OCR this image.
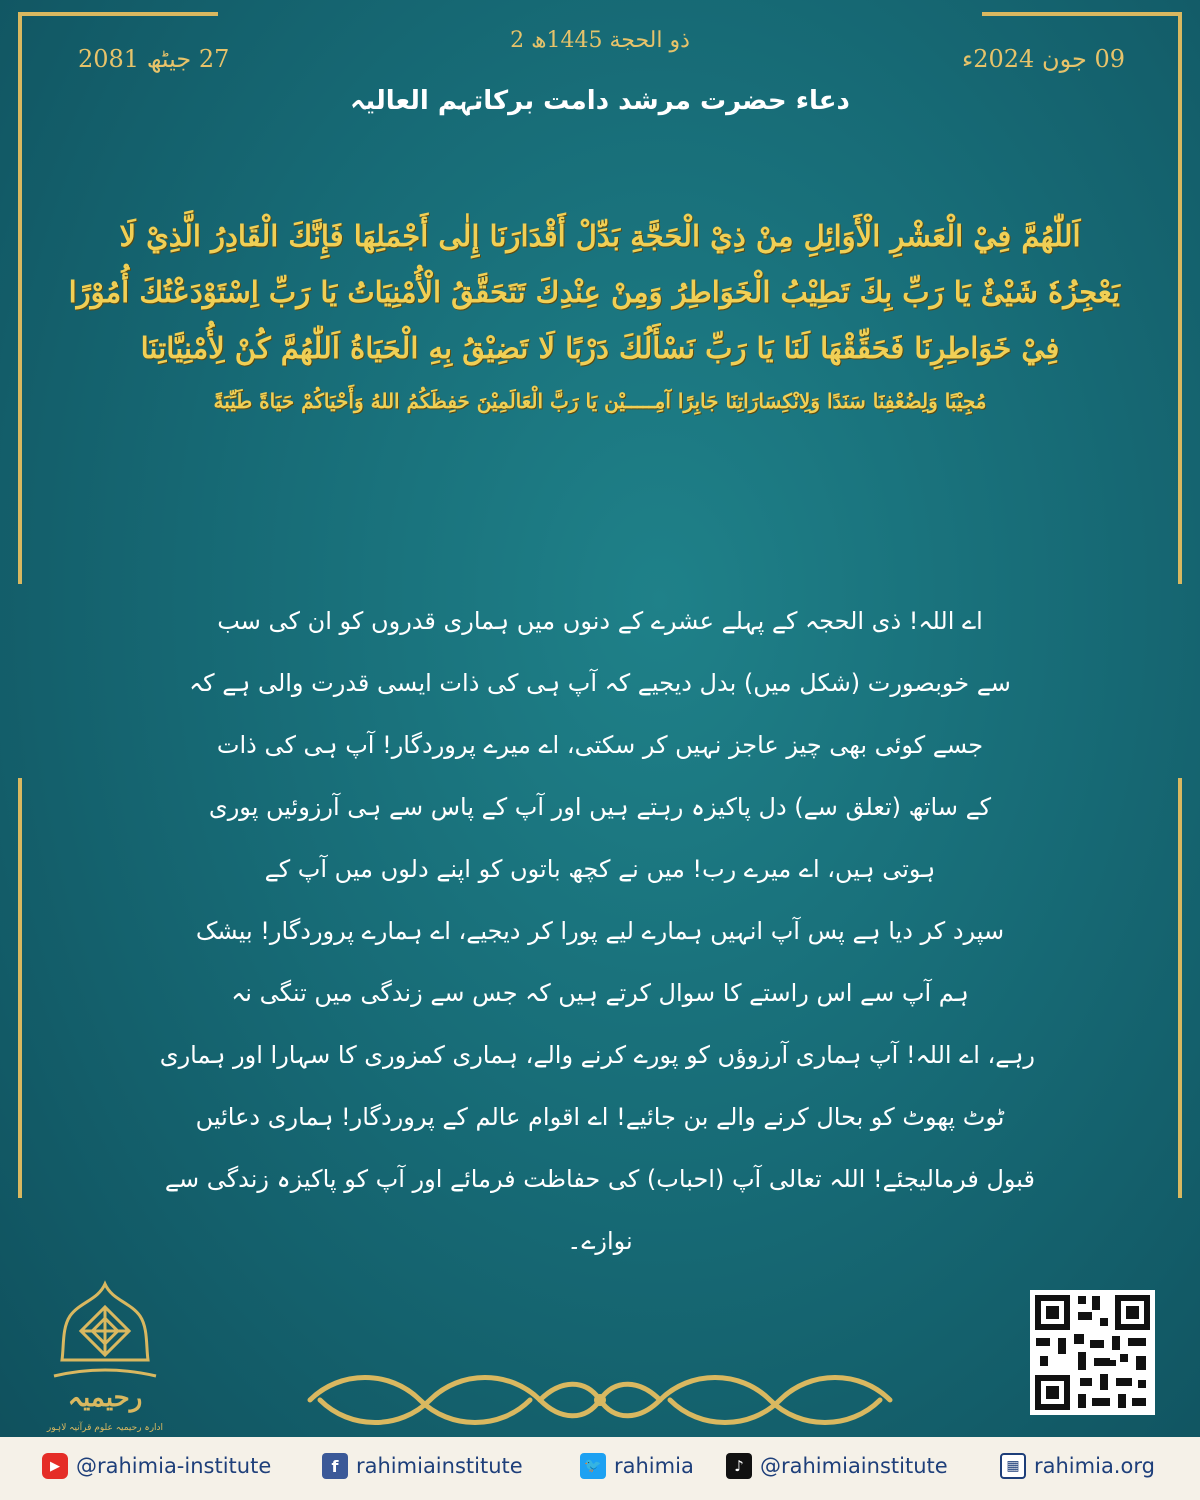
2 ذو الحجة 1445ھ
27 جیٹھ 2081	09 جون 2024ء
دعاء حضرت مرشد دامت برکاتہم العالیہ
اَللّٰهُمَّ فِيْ الْعَشْرِ الْأَوَائِلِ مِنْ ذِيْ الْحَجَّةِ بَدِّلْ أَقْدَارَنَا إِلٰى أَجْمَلِهَا فَإِنَّكَ الْقَادِرُ الَّذِيْ لَا
يَعْجِزُهٗ شَيْئٌ يَا رَبِّ بِكَ تَطِيْبُ الْخَوَاطِرُ وَمِنْ عِنْدِكَ تَتَحَقَّقُ الْأُمْنِيَاتُ يَا رَبِّ اِسْتَوْدَعْتُكَ أُمُوْرًا
فِيْ خَوَاطِرِنَا فَحَقِّقْهَا لَنَا يَا رَبِّ نَسْأَلُكَ دَرْبًا لَا تَضِيْقُ بِهِ الْحَيَاةُ اَللّٰهُمَّ كُنْ لِأُمْنِيَّاتِنَا
مُجِيْبًا وَلِضُعْفِنَا سَنَدًا وَلِانْكِسَارَاتِنَا جَابِرًا آمِـــــيْن يَا رَبَّ الْعَالَمِيْنَ حَفِظَكُمُ اللهُ وَأَحْيَاكُمْ حَيَاةً طَيِّبَةً
اے اللہ! ذی الحجہ کے پہلے عشرے کے دنوں میں ہماری قدروں کو ان کی سب
سے خوبصورت (شکل میں) بدل دیجیے کہ آپ ہی کی ذات ایسی قدرت والی ہے کہ
جسے کوئی بھی چیز عاجز نہیں کر سکتی، اے میرے پروردگار! آپ ہی کی ذات
کے ساتھ (تعلق سے) دل پاکیزہ رہتے ہیں اور آپ کے پاس سے ہی آرزوئیں پوری
ہوتی ہیں، اے میرے رب! میں نے کچھ باتوں کو اپنے دلوں میں آپ کے
سپرد کر دیا ہے پس آپ انہیں ہمارے لیے پورا کر دیجیے، اے ہمارے پروردگار! بیشک
ہم آپ سے اس راستے کا سوال کرتے ہیں کہ جس سے زندگی میں تنگی نہ
رہے، اے اللہ! آپ ہماری آرزوؤں کو پورے کرنے والے، ہماری کمزوری کا سہارا اور ہماری
ٹوٹ پھوٹ کو بحال کرنے والے بن جائیے! اے اقوام عالم کے پروردگار! ہماری دعائیں
قبول فرمالیجئے! اللہ تعالی آپ (احباب) کی حفاظت فرمائے اور آپ کو پاکیزہ زندگی سے
نوازے۔
رحیمیہ
ادارہ رحیمیہ علوم قرآنیہ لاہور
▶ @rahimia-institute	f rahimiainstitute	🐦 rahimia	♪ @rahimiainstitute	▦ rahimia.org
